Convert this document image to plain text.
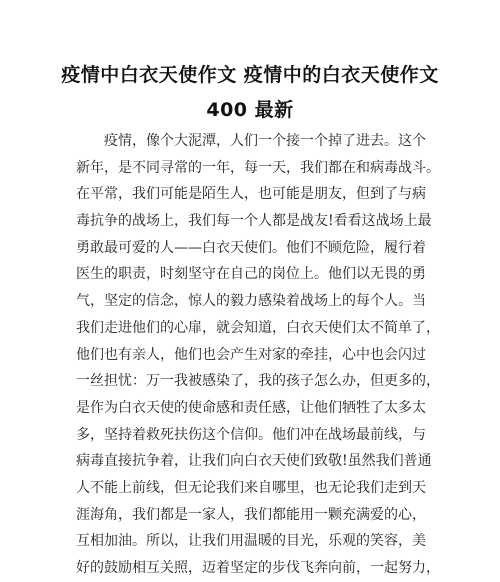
疫情中白衣天使作文 疫情中的白衣天使作文
400 最新
疫情，像个大泥潭，人们一个接一个掉了进去。这个
新年，是不同寻常的一年，每一天，我们都在和病毒战斗。
在平常，我们可能是陌生人，也可能是朋友，但到了与病
毒抗争的战场上，我们每一个人都是战友!看看这战场上最
勇敢最可爱的人——白衣天使们。他们不顾危险，履行着
医生的职责，时刻坚守在自己的岗位上。他们以无畏的勇
气，坚定的信念，惊人的毅力感染着战场上的每个人。当
我们走进他们的心扉，就会知道，白衣天使们太不简单了，
他们也有亲人，他们也会产生对家的牵挂，心中也会闪过
一丝担忧：万一我被感染了，我的孩子怎么办，但更多的，
是作为白衣天使的使命感和责任感，让他们牺牲了太多太
多，坚持着救死扶伤这个信仰。他们冲在战场最前线，与
病毒直接抗争着，让我们向白衣天使们致敬!虽然我们普通
人不能上前线，但无论我们来自哪里，也无论我们走到天
涯海角，我们都是一家人，我们都能用一颗充满爱的心，
互相加油。所以，让我们用温暖的目光，乐观的笑容，美
好的鼓励相互关照，迈着坚定的步伐飞奔向前，一起努力，
